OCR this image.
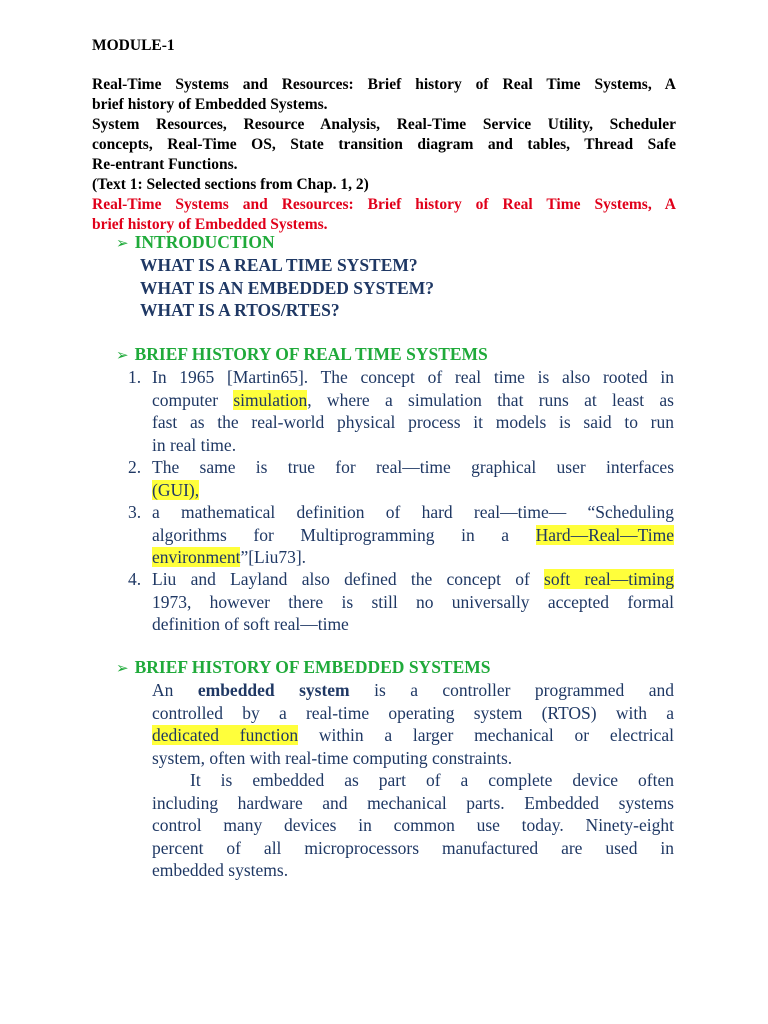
MODULE-1
Real-Time Systems and Resources: Brief history of Real Time Systems, A
brief history of Embedded Systems.
System Resources, Resource Analysis, Real-Time Service Utility, Scheduler
concepts, Real-Time OS, State transition diagram and tables, Thread Safe
Re-entrant Functions.
(Text 1: Selected sections from Chap. 1, 2)
Real-Time Systems and Resources: Brief history of Real Time Systems, A
brief history of Embedded Systems.
➢ INTRODUCTION
WHAT IS A REAL TIME SYSTEM?
WHAT IS AN EMBEDDED SYSTEM?
WHAT IS A RTOS/RTES?
➢ BRIEF HISTORY OF REAL TIME SYSTEMS
1. In 1965 [Martin65]. The concept of real time is also rooted in
computer simulation, where a simulation that runs at least as
fast as the real-world physical process it models is said to run
in real time.
2. The same is true for real—time graphical user interfaces
(GUI),
3. a mathematical definition of hard real—time— “Scheduling
algorithms for Multiprogramming in a Hard—Real—Time
environment”[Liu73].
4. Liu and Layland also defined the concept of soft real—timing
1973, however there is still no universally accepted formal
definition of soft real—time
➢ BRIEF HISTORY OF EMBEDDED SYSTEMS
An embedded system is a controller programmed and
controlled by a real-time operating system (RTOS) with a
dedicated function within a larger mechanical or electrical
system, often with real-time computing constraints.
It is embedded as part of a complete device often
including hardware and mechanical parts. Embedded systems
control many devices in common use today. Ninety-eight
percent of all microprocessors manufactured are used in
embedded systems.
